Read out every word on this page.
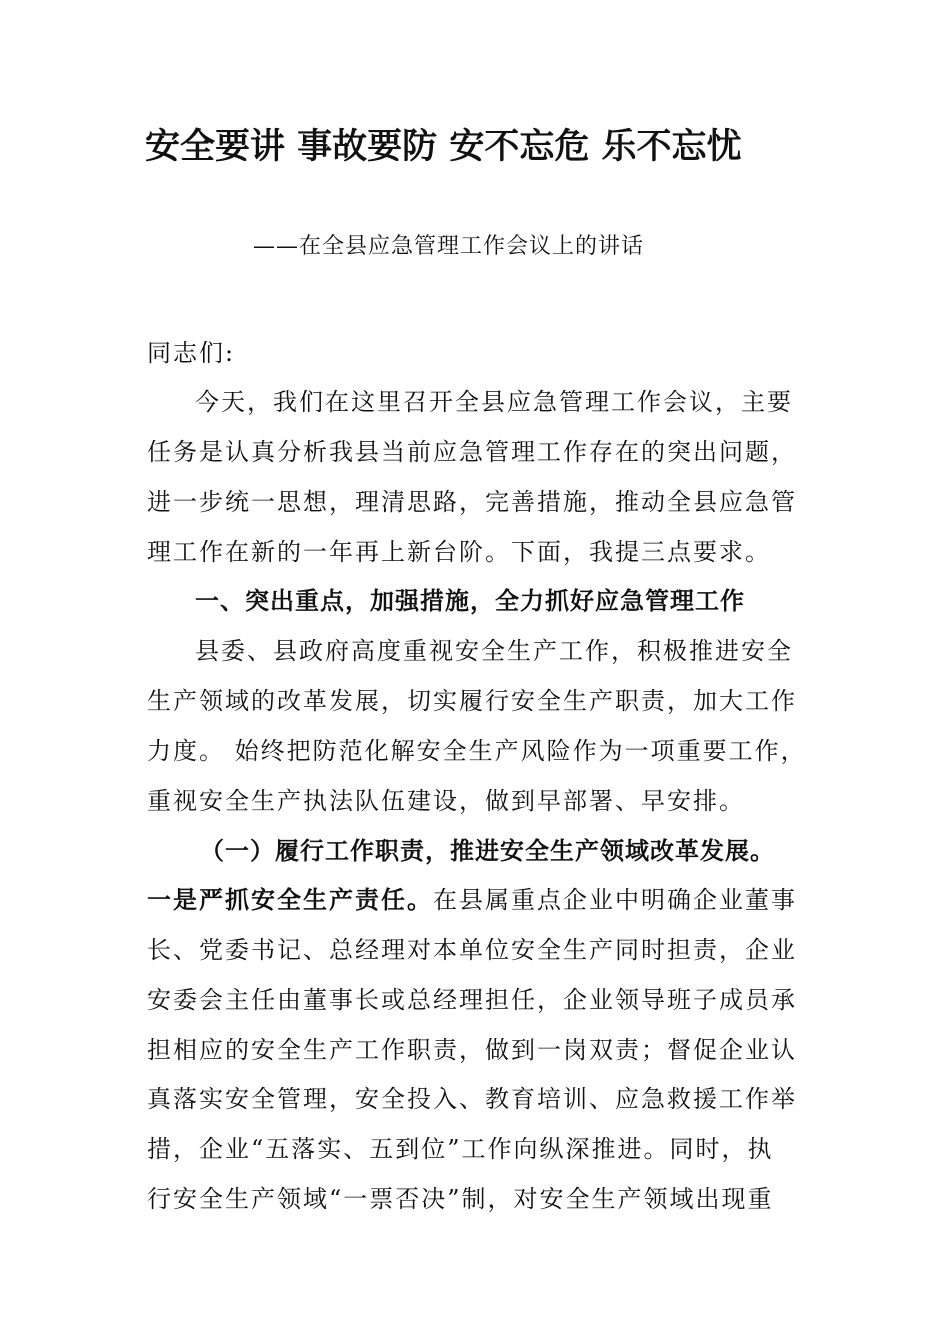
安全要讲 事故要防 安不忘危 乐不忘忧
——在全县应急管理工作会议上的讲话
同志们:
今天，我们在这里召开全县应急管理工作会议，主要
任务是认真分析我县当前应急管理工作存在的突出问题，
进一步统一思想，理清思路，完善措施，推动全县应急管
理工作在新的一年再上新台阶。下面，我提三点要求。
一、突出重点，加强措施，全力抓好应急管理工作
县委、县政府高度重视安全生产工作，积极推进安全
生产领域的改革发展，切实履行安全生产职责，加大工作
力度。 始终把防范化解安全生产风险作为一项重要工作，
重视安全生产执法队伍建设，做到早部署、早安排。
（一）履行工作职责，推进安全生产领域改革发展。
一是严抓安全生产责任。在县属重点企业中明确企业董事
长、党委书记、总经理对本单位安全生产同时担责，企业
安委会主任由董事长或总经理担任，企业领导班子成员承
担相应的安全生产工作职责，做到一岗双责；督促企业认
真落实安全管理，安全投入、教育培训、应急救援工作举
措，企业“五落实、五到位”工作向纵深推进。同时，执
行安全生产领域“一票否决”制，对安全生产领域出现重
